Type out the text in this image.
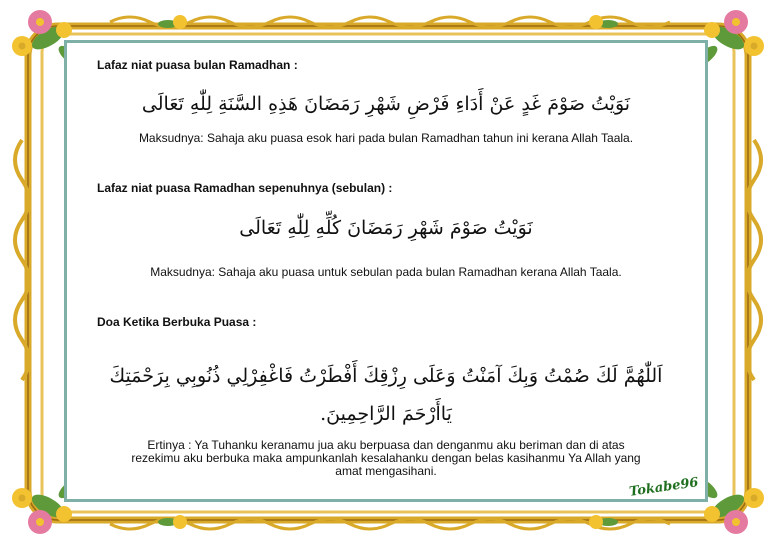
Lafaz niat puasa bulan Ramadhan :
نَوَيْتُ صَوْمَ غَدٍ عَنْ أَدَاءِ فَرْضِ شَهْرِ رَمَضَانَ هَذِهِ السَّنَةِ لِلّٰهِ تَعَالَى
Maksudnya: Sahaja aku puasa esok hari pada bulan Ramadhan tahun ini kerana Allah Taala.
Lafaz niat puasa Ramadhan sepenuhnya (sebulan) :
نَوَيْتُ صَوْمَ شَهْرِ رَمَضَانَ كُلِّهِ لِلّٰهِ تَعَالَى
Maksudnya: Sahaja aku puasa untuk sebulan pada bulan Ramadhan kerana Allah Taala.
Doa Ketika Berbuka Puasa :
اَللّٰهُمَّ لَكَ صُمْتُ وَبِكَ آمَنْتُ وَعَلَى رِزْقِكَ أَفْطَرْتُ فَاغْفِرْلِي ذُنُوبِي بِرَحْمَتِكَ
يَاأَرْحَمَ الرَّاحِمِينَ.
Ertinya : Ya Tuhanku keranamu jua aku berpuasa dan denganmu aku beriman dan di atas
rezekimu aku berbuka maka ampunkanlah kesalahanku dengan belas kasihanmu Ya Allah yang
amat mengasihani.
Tokabe96
